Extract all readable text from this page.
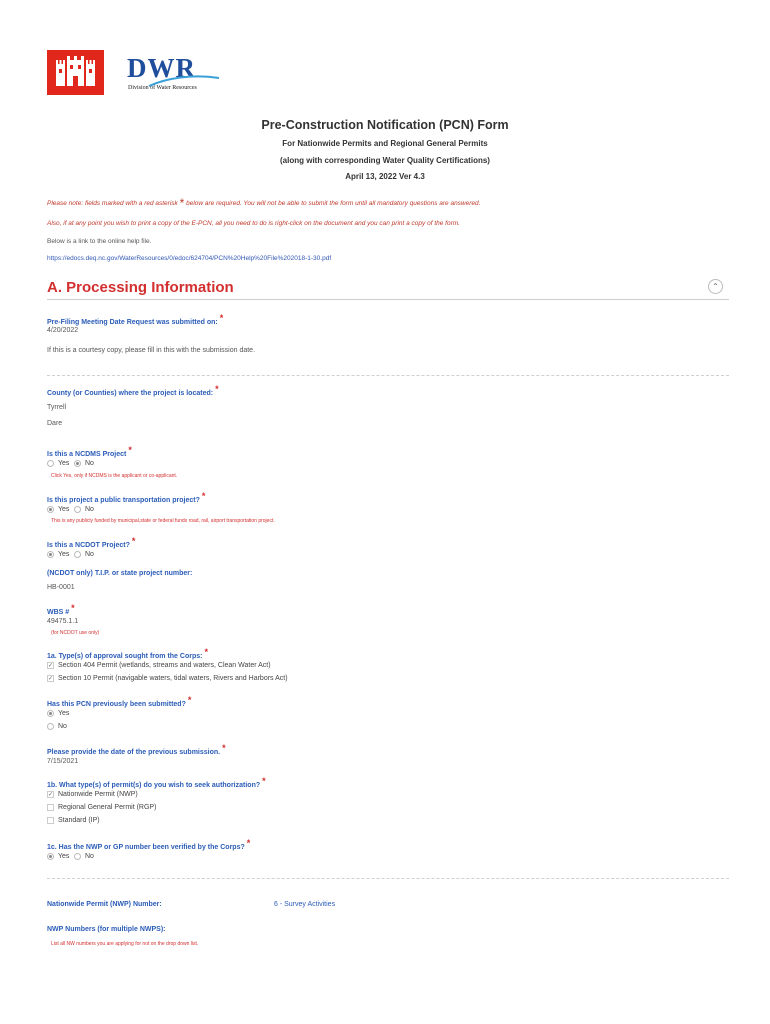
DWR
Division of Water Resources
Pre-Construction Notification (PCN) Form
For Nationwide Permits and Regional General Permits
(along with corresponding Water Quality Certifications)
April 13, 2022 Ver 4.3
Please note: fields marked with a red asterisk * below are required. You will not be able to submit the form until all mandatory questions are answered.
Also, if at any point you wish to print a copy of the E-PCN, all you need to do is right-click on the document and you can print a copy of the form.
Below is a link to the online help file.
https://edocs.deq.nc.gov/WaterResources/0/edoc/624704/PCN%20Help%20File%202018-1-30.pdf
A. Processing Information	⌃
Pre-Filing Meeting Date Request was submitted on: *
4/20/2022
If this is a courtesy copy, please fill in this with the submission date.
County (or Counties) where the project is located: *
Tyrrell
Dare
Is this a NCDMS Project *
Yes No
Click Yes, only if NCDMS is the applicant or co-applicant.
Is this project a public transportation project? *
Yes No
This is any publicly funded by municipal,state or federal funds road, rail, airport transportation project.
Is this a NCDOT Project? *
Yes No
(NCDOT only) T.I.P. or state project number:
HB-0001
WBS # *
49475.1.1
(for NCDOT use only)
1a. Type(s) of approval sought from the Corps: *
✓ Section 404 Permit (wetlands, streams and waters, Clean Water Act)
✓ Section 10 Permit (navigable waters, tidal waters, Rivers and Harbors Act)
Has this PCN previously been submitted? *
Yes
No
Please provide the date of the previous submission. *
7/15/2021
1b. What type(s) of permit(s) do you wish to seek authorization? *
✓ Nationwide Permit (NWP)
Regional General Permit (RGP)
Standard (IP)
1c. Has the NWP or GP number been verified by the Corps? *
Yes No
Nationwide Permit (NWP) Number:	6 - Survey Activities
NWP Numbers (for multiple NWPS):
List all NW numbers you are applying for not on the drop down list.
